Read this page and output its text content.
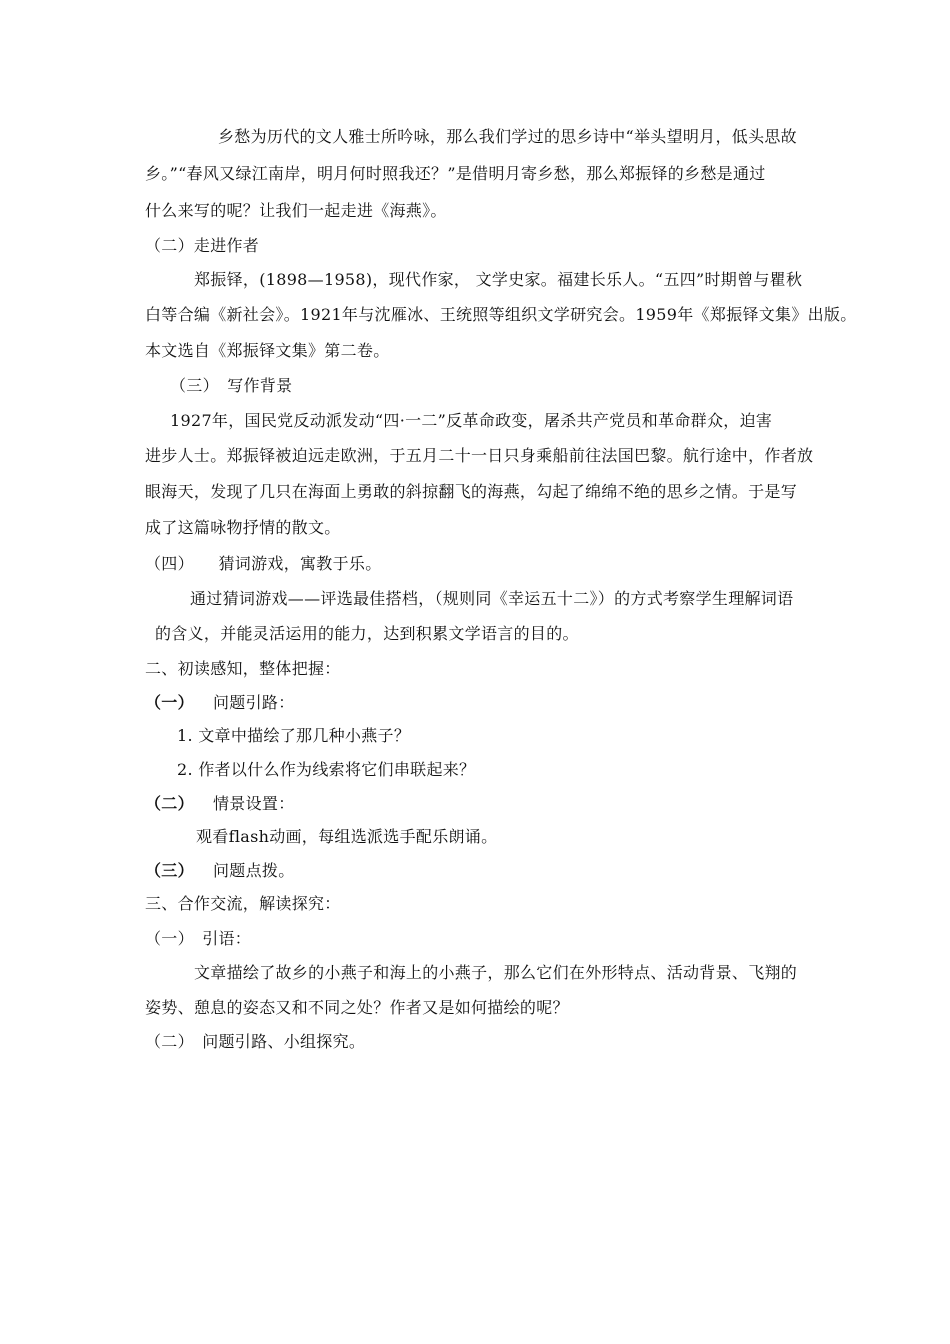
乡愁为历代的文人雅士所吟咏，那么我们学过的思乡诗中“举头望明月，低头思故
乡。”“春风又绿江南岸，明月何时照我还？”是借明月寄乡愁，那么郑振铎的乡愁是通过
什么来写的呢？让我们一起走进《海燕》。
（二）走进作者
郑振铎，(1898—1958)，现代作家， 文学史家。福建长乐人。“五四”时期曾与瞿秋
白等合编《新社会》。1921年与沈雁冰、王统照等组织文学研究会。1959年《郑振铎文集》出版。
本文选自《郑振铎文集》第二卷。
（三）　写作背景
1927年，国民党反动派发动“四·一二”反革命政变，屠杀共产党员和革命群众，迫害
进步人士。郑振铎被迫远走欧洲，于五月二十一日只身乘船前往法国巴黎。航行途中，作者放
眼海天，发现了几只在海面上勇敢的斜掠翻飞的海燕，勾起了绵绵不绝的思乡之情。于是写
成了这篇咏物抒情的散文。
（四）　　猜词游戏，寓教于乐。
通过猜词游戏——评选最佳搭档，（规则同《幸运五十二》）的方式考察学生理解词语
的含义，并能灵活运用的能力，达到积累文学语言的目的。
二、初读感知，整体把握：
（一） 问题引路：
1. 文章中描绘了那几种小燕子？
2. 作者以什么作为线索将它们串联起来？
（二） 情景设置：
观看flash动画，每组选派选手配乐朗诵。
（三） 问题点拨。
三、合作交流，解读探究：
（一）　引语：
文章描绘了故乡的小燕子和海上的小燕子，那么它们在外形特点、活动背景、飞翔的
姿势、憩息的姿态又和不同之处？作者又是如何描绘的呢？
（二）　问题引路、小组探究。
